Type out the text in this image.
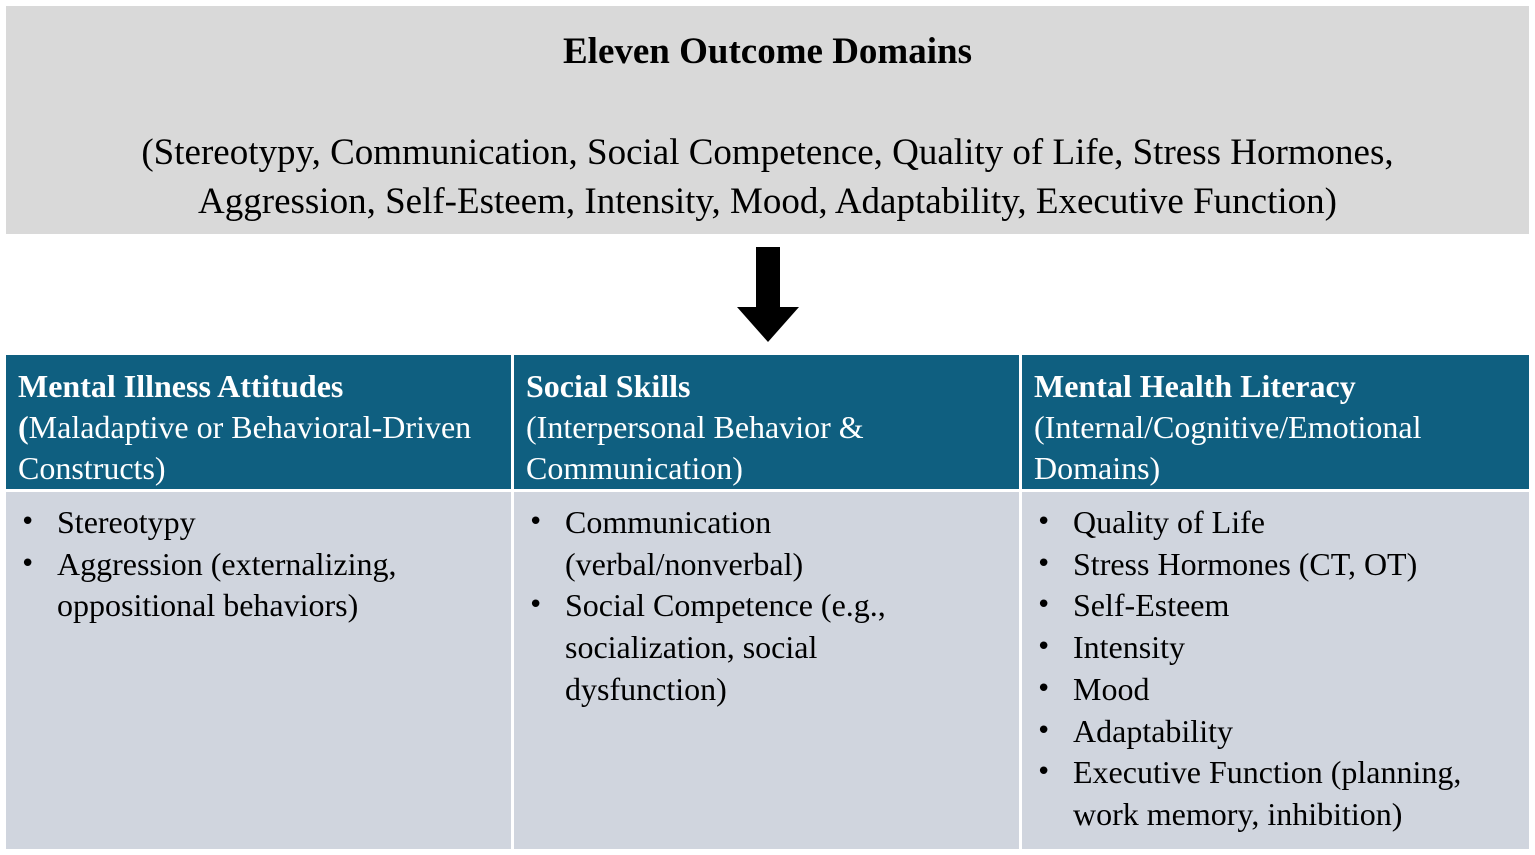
Eleven Outcome Domains
(Stereotypy, Communication, Social Competence, Quality of Life, Stress Hormones,
Aggression, Self-Esteem, Intensity, Mood, Adaptability, Executive Function)
Mental Illness Attitudes
(Maladaptive or Behavioral-Driven Constructs)
• Stereotypy
• Aggression (externalizing, oppositional behaviors)
Social Skills
(Interpersonal Behavior & Communication)
• Communication (verbal/nonverbal)
• Social Competence (e.g., socialization, social dysfunction)
Mental Health Literacy
(Internal/Cognitive/Emotional Domains)
• Quality of Life
• Stress Hormones (CT, OT)
• Self-Esteem
• Intensity
• Mood
• Adaptability
• Executive Function (planning, work memory, inhibition)
